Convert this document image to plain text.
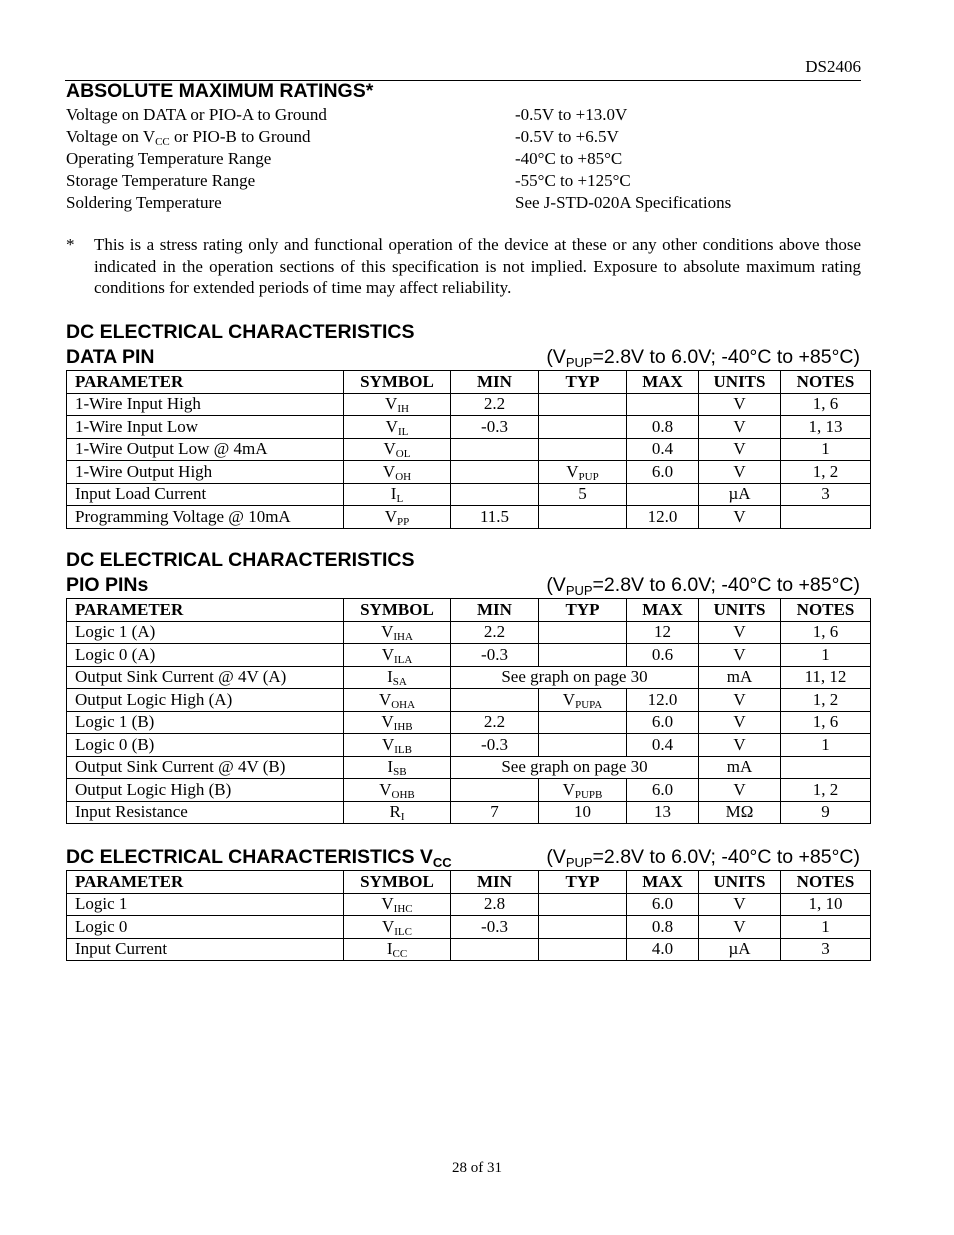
DS2406
ABSOLUTE MAXIMUM RATINGS*
Voltage on DATA or PIO-A to Ground	-0.5V to +13.0V
Voltage on $V_{CC}$ or PIO-B to Ground	-0.5V to +6.5V
Operating Temperature Range	-40°C to +85°C
Storage Temperature Range	-55°C to +125°C
Soldering Temperature	See J-STD-020A Specifications
* This is a stress rating only and functional operation of the device at these or any other conditions above those indicated in the operation sections of this specification is not implied. Exposure to absolute maximum rating conditions for extended periods of time may affect reliability.
DC ELECTRICAL CHARACTERISTICS
DATA PIN	($V_{PUP}=2.8V$ to 6.0V; -40°C to +85°C)
PARAMETER	SYMBOL	MIN	TYP	MAX	UNITS	NOTES
1-Wire Input High	$V_{IH}$	2.2			V	1, 6
1-Wire Input Low	$V_{IL}$	-0.3		0.8	V	1, 13
1-Wire Output Low @ 4mA	$V_{OL}$			0.4	V	1
1-Wire Output High	$V_{OH}$		$V_{PUP}$	6.0	V	1, 2
Input Load Current	$I_L$		5		µA	3
Programming Voltage @ 10mA	$V_{PP}$	11.5		12.0	V	
DC ELECTRICAL CHARACTERISTICS
PIO PINs	($V_{PUP}=2.8V$ to 6.0V; -40°C to +85°C)
PARAMETER	SYMBOL	MIN	TYP	MAX	UNITS	NOTES
Logic 1 (A)	$V_{IHA}$	2.2		12	V	1, 6
Logic 0 (A)	$V_{ILA}$	-0.3		0.6	V	1
Output Sink Current @ 4V (A)	$I_{SA}$	See graph on page 30			mA	11, 12
Output Logic High (A)	$V_{OHA}$		$V_{PUPA}$	12.0	V	1, 2
Logic 1 (B)	$V_{IHB}$	2.2		6.0	V	1, 6
Logic 0 (B)	$V_{ILB}$	-0.3		0.4	V	1
Output Sink Current @ 4V (B)	$I_{SB}$	See graph on page 30			mA	
Output Logic High (B)	$V_{OHB}$		$V_{PUPB}$	6.0	V	1, 2
Input Resistance	$R_I$	7	10	13	MΩ	9
DC ELECTRICAL CHARACTERISTICS $V_{CC}$	($V_{PUP}=2.8V$ to 6.0V; -40°C to +85°C)
PARAMETER	SYMBOL	MIN	TYP	MAX	UNITS	NOTES
Logic 1	$V_{IHC}$	2.8		6.0	V	1, 10
Logic 0	$V_{ILC}$	-0.3		0.8	V	1
Input Current	$I_{CC}$			4.0	µA	3
28 of 31
